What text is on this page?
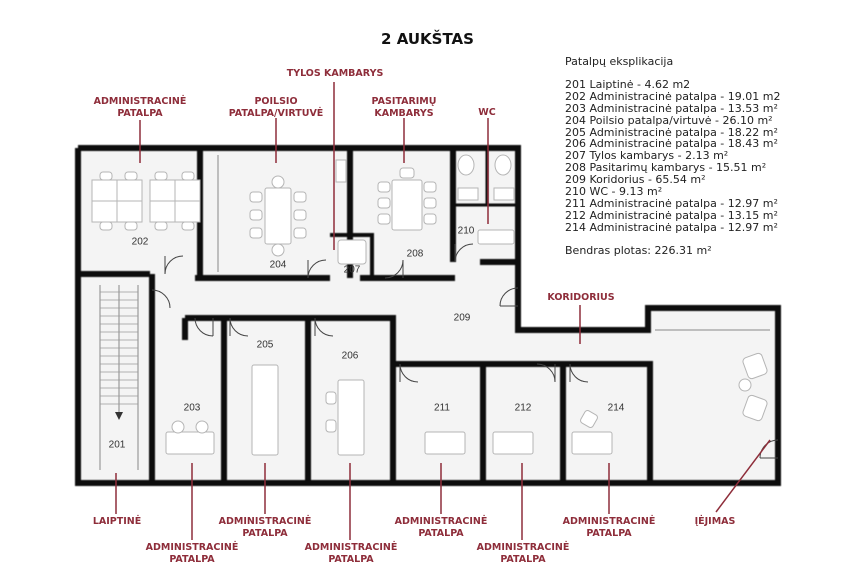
2 AUKŠTAS
Patalpų eksplikacija
201 Laiptinė - 4.62 m2
202 Administracinė patalpa - 19.01 m2
203 Administracinė patalpa - 13.53 m²
204 Poilsio patalpa/virtuvė - 26.10 m²
205 Administracinė patalpa - 18.22 m²
206 Administracinė patalpa - 18.43 m²
207 Tylos kambarys - 2.13 m²
208 Pasitarimų kambarys - 15.51 m²
209 Koridorius - 65.54 m²
210 WC - 9.13 m²
211 Administracinė patalpa - 12.97 m²
212 Administracinė patalpa - 13.15 m²
214 Administracinė patalpa - 12.97 m²
Bendras plotas: 226.31 m²
ADMINISTRACINĖ
PATALPA
POILSIO
PATALPA/VIRTUVĖ
TYLOS KAMBARYS
PASITARIMŲ
KAMBARYS	WC
KORIDORIUS
LAIPTINĖ
ADMINISTRACINĖ
PATALPA
ADMINISTRACINĖ
PATALPA
ADMINISTRACINĖ
PATALPA
ADMINISTRACINĖ
PATALPA
ADMINISTRACINĖ
PATALPA
ADMINISTRACINĖ
PATALPA
ĮĖJIMAS
202
204	207
208
210
209
201
203
205
206
211	212	214
